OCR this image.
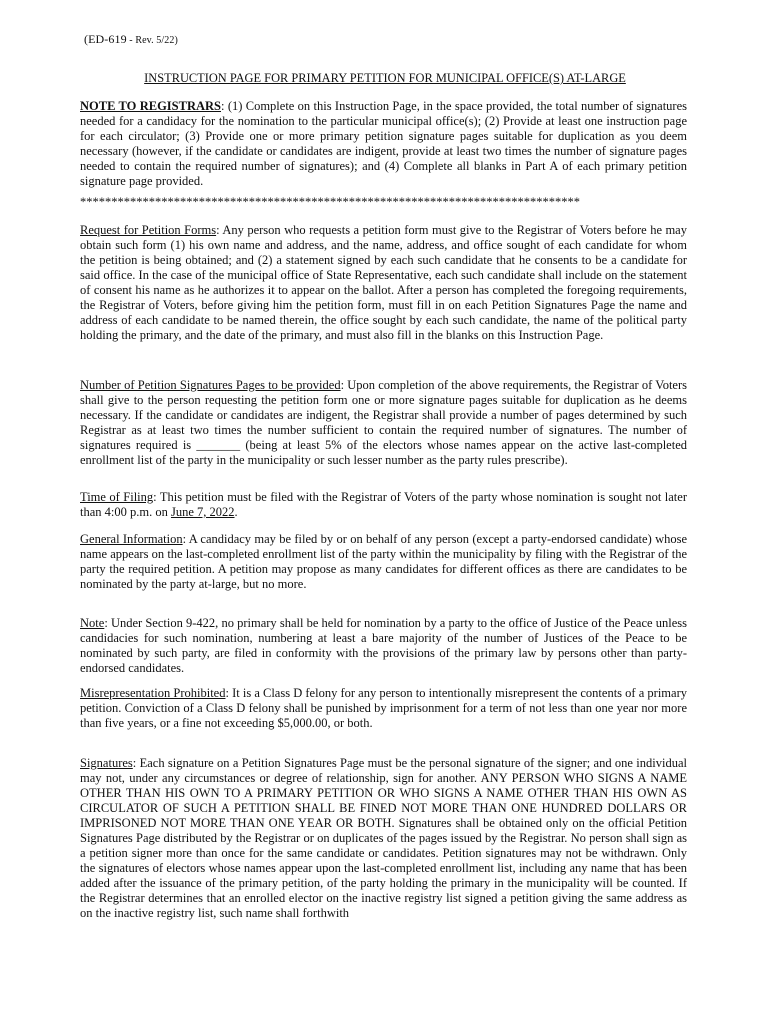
(ED-619 - Rev. 5/22)
INSTRUCTION PAGE FOR PRIMARY PETITION FOR MUNICIPAL OFFICE(S) AT-LARGE

NOTE TO REGISTRARS: (1) Complete on this Instruction Page, in the space provided, the total number of signatures needed for a candidacy for the nomination to the particular municipal office(s); (2) Provide at least one instruction page for each circulator; (3) Provide one or more primary petition signature pages suitable for duplication as you deem necessary (however, if the candidate or candidates are indigent, provide at least two times the number of signature pages needed to contain the required number of signatures); and (4) Complete all blanks in Part A of each primary petition signature page provided.

********************************************************************************

Request for Petition Forms: Any person who requests a petition form must give to the Registrar of Voters before he may obtain such form (1) his own name and address, and the name, address, and office sought of each candidate for whom the petition is being obtained; and (2) a statement signed by each such candidate that he consents to be a candidate for said office. In the case of the municipal office of State Representative, each such candidate shall include on the statement of consent his name as he authorizes it to appear on the ballot. After a person has completed the foregoing requirements, the Registrar of Voters, before giving him the petition form, must fill in on each Petition Signatures Page the name and address of each candidate to be named therein, the office sought by each such candidate, the name of the political party holding the primary, and the date of the primary, and must also fill in the blanks on this Instruction Page.

Number of Petition Signatures Pages to be provided: Upon completion of the above requirements, the Registrar of Voters shall give to the person requesting the petition form one or more signature pages suitable for duplication as he deems necessary. If the candidate or candidates are indigent, the Registrar shall provide a number of pages determined by such Registrar as at least two times the number sufficient to contain the required number of signatures. The number of signatures required is _______ (being at least 5% of the electors whose names appear on the active last-completed enrollment list of the party in the municipality or such lesser number as the party rules prescribe).

Time of Filing: This petition must be filed with the Registrar of Voters of the party whose nomination is sought not later than 4:00 p.m. on June 7, 2022.

General Information: A candidacy may be filed by or on behalf of any person (except a party-endorsed candidate) whose name appears on the last-completed enrollment list of the party within the municipality by filing with the Registrar of the party the required petition. A petition may propose as many candidates for different offices as there are candidates to be nominated by the party at-large, but no more.

Note: Under Section 9-422, no primary shall be held for nomination by a party to the office of Justice of the Peace unless candidacies for such nomination, numbering at least a bare majority of the number of Justices of the Peace to be nominated by such party, are filed in conformity with the provisions of the primary law by persons other than party-endorsed candidates.

Misrepresentation Prohibited: It is a Class D felony for any person to intentionally misrepresent the contents of a primary petition. Conviction of a Class D felony shall be punished by imprisonment for a term of not less than one year nor more than five years, or a fine not exceeding $5,000.00, or both.

Signatures: Each signature on a Petition Signatures Page must be the personal signature of the signer; and one individual may not, under any circumstances or degree of relationship, sign for another. ANY PERSON WHO SIGNS A NAME OTHER THAN HIS OWN TO A PRIMARY PETITION OR WHO SIGNS A NAME OTHER THAN HIS OWN AS CIRCULATOR OF SUCH A PETITION SHALL BE FINED NOT MORE THAN ONE HUNDRED DOLLARS OR IMPRISONED NOT MORE THAN ONE YEAR OR BOTH. Signatures shall be obtained only on the official Petition Signatures Page distributed by the Registrar or on duplicates of the pages issued by the Registrar. No person shall sign as a petition signer more than once for the same candidate or candidates. Petition signatures may not be withdrawn. Only the signatures of electors whose names appear upon the last-completed enrollment list, including any name that has been added after the issuance of the primary petition, of the party holding the primary in the municipality will be counted. If the Registrar determines that an enrolled elector on the inactive registry list signed a petition giving the same address as on the inactive registry list, such name shall forthwith
